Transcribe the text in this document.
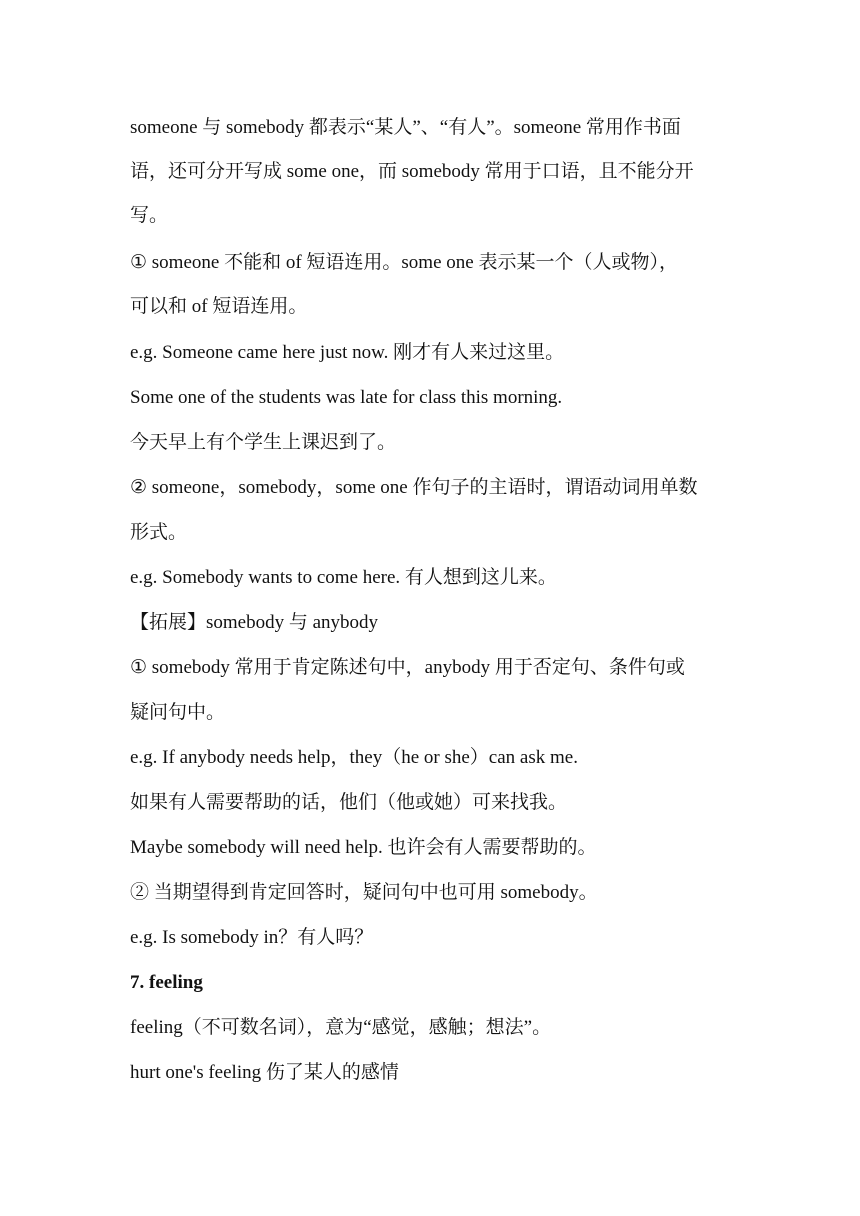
someone 与 somebody 都表示“某人”、“有人”。someone 常用作书面
语，还可分开写成 some one，而 somebody 常用于口语，且不能分开
写。
① someone 不能和 of 短语连用。some one 表示某一个（人或物），
可以和 of 短语连用。
e.g. Someone came here just now. 刚才有人来过这里。
Some one of the students was late for class this morning.
今天早上有个学生上课迟到了。
② someone，somebody，some one 作句子的主语时，谓语动词用单数
形式。
e.g. Somebody wants to come here. 有人想到这儿来。
【拓展】somebody 与 anybody
① somebody 常用于肯定陈述句中，anybody 用于否定句、条件句或
疑问句中。
e.g. If anybody needs help，they（he or she）can ask me.
如果有人需要帮助的话，他们（他或她）可来找我。
Maybe somebody will need help. 也许会有人需要帮助的。
② 当期望得到肯定回答时，疑问句中也可用 somebody。
e.g. Is somebody in？有人吗？
7. feeling
feeling（不可数名词），意为“感觉，感触；想法”。
hurt one's feeling 伤了某人的感情
